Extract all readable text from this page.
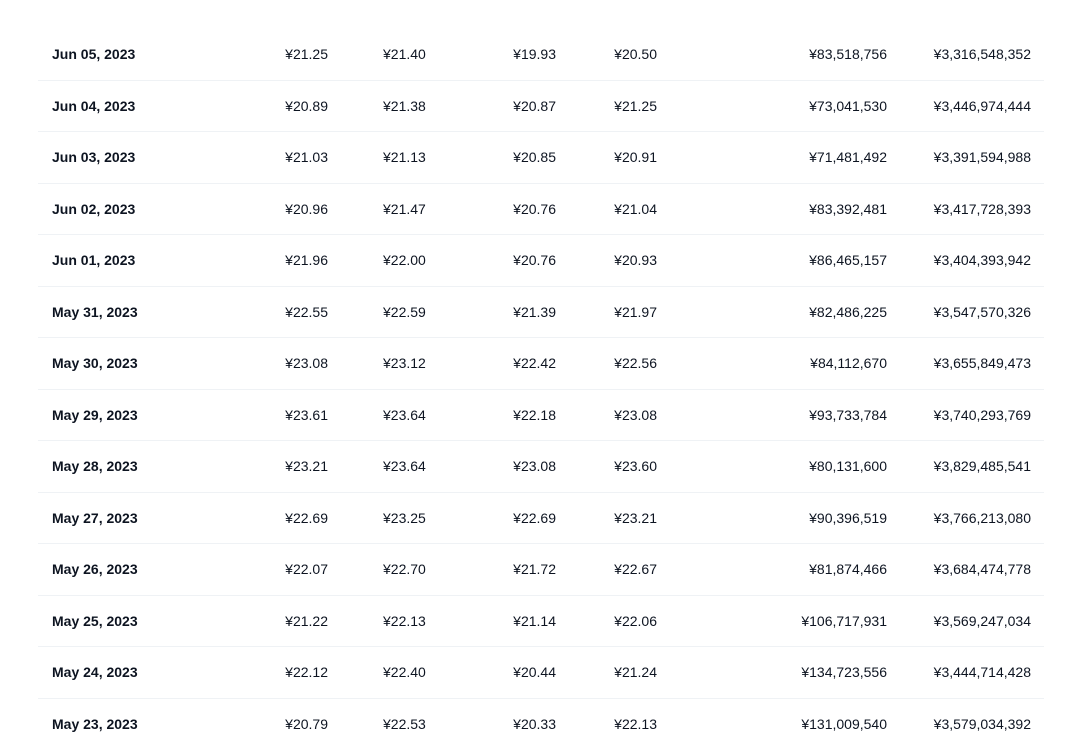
Jun 05, 2023	¥21.25	¥21.40	¥19.93	¥20.50	¥83,518,756	¥3,316,548,352
Jun 04, 2023	¥20.89	¥21.38	¥20.87	¥21.25	¥73,041,530	¥3,446,974,444
Jun 03, 2023	¥21.03	¥21.13	¥20.85	¥20.91	¥71,481,492	¥3,391,594,988
Jun 02, 2023	¥20.96	¥21.47	¥20.76	¥21.04	¥83,392,481	¥3,417,728,393
Jun 01, 2023	¥21.96	¥22.00	¥20.76	¥20.93	¥86,465,157	¥3,404,393,942
May 31, 2023	¥22.55	¥22.59	¥21.39	¥21.97	¥82,486,225	¥3,547,570,326
May 30, 2023	¥23.08	¥23.12	¥22.42	¥22.56	¥84,112,670	¥3,655,849,473
May 29, 2023	¥23.61	¥23.64	¥22.18	¥23.08	¥93,733,784	¥3,740,293,769
May 28, 2023	¥23.21	¥23.64	¥23.08	¥23.60	¥80,131,600	¥3,829,485,541
May 27, 2023	¥22.69	¥23.25	¥22.69	¥23.21	¥90,396,519	¥3,766,213,080
May 26, 2023	¥22.07	¥22.70	¥21.72	¥22.67	¥81,874,466	¥3,684,474,778
May 25, 2023	¥21.22	¥22.13	¥21.14	¥22.06	¥106,717,931	¥3,569,247,034
May 24, 2023	¥22.12	¥22.40	¥20.44	¥21.24	¥134,723,556	¥3,444,714,428
May 23, 2023	¥20.79	¥22.53	¥20.33	¥22.13	¥131,009,540	¥3,579,034,392
